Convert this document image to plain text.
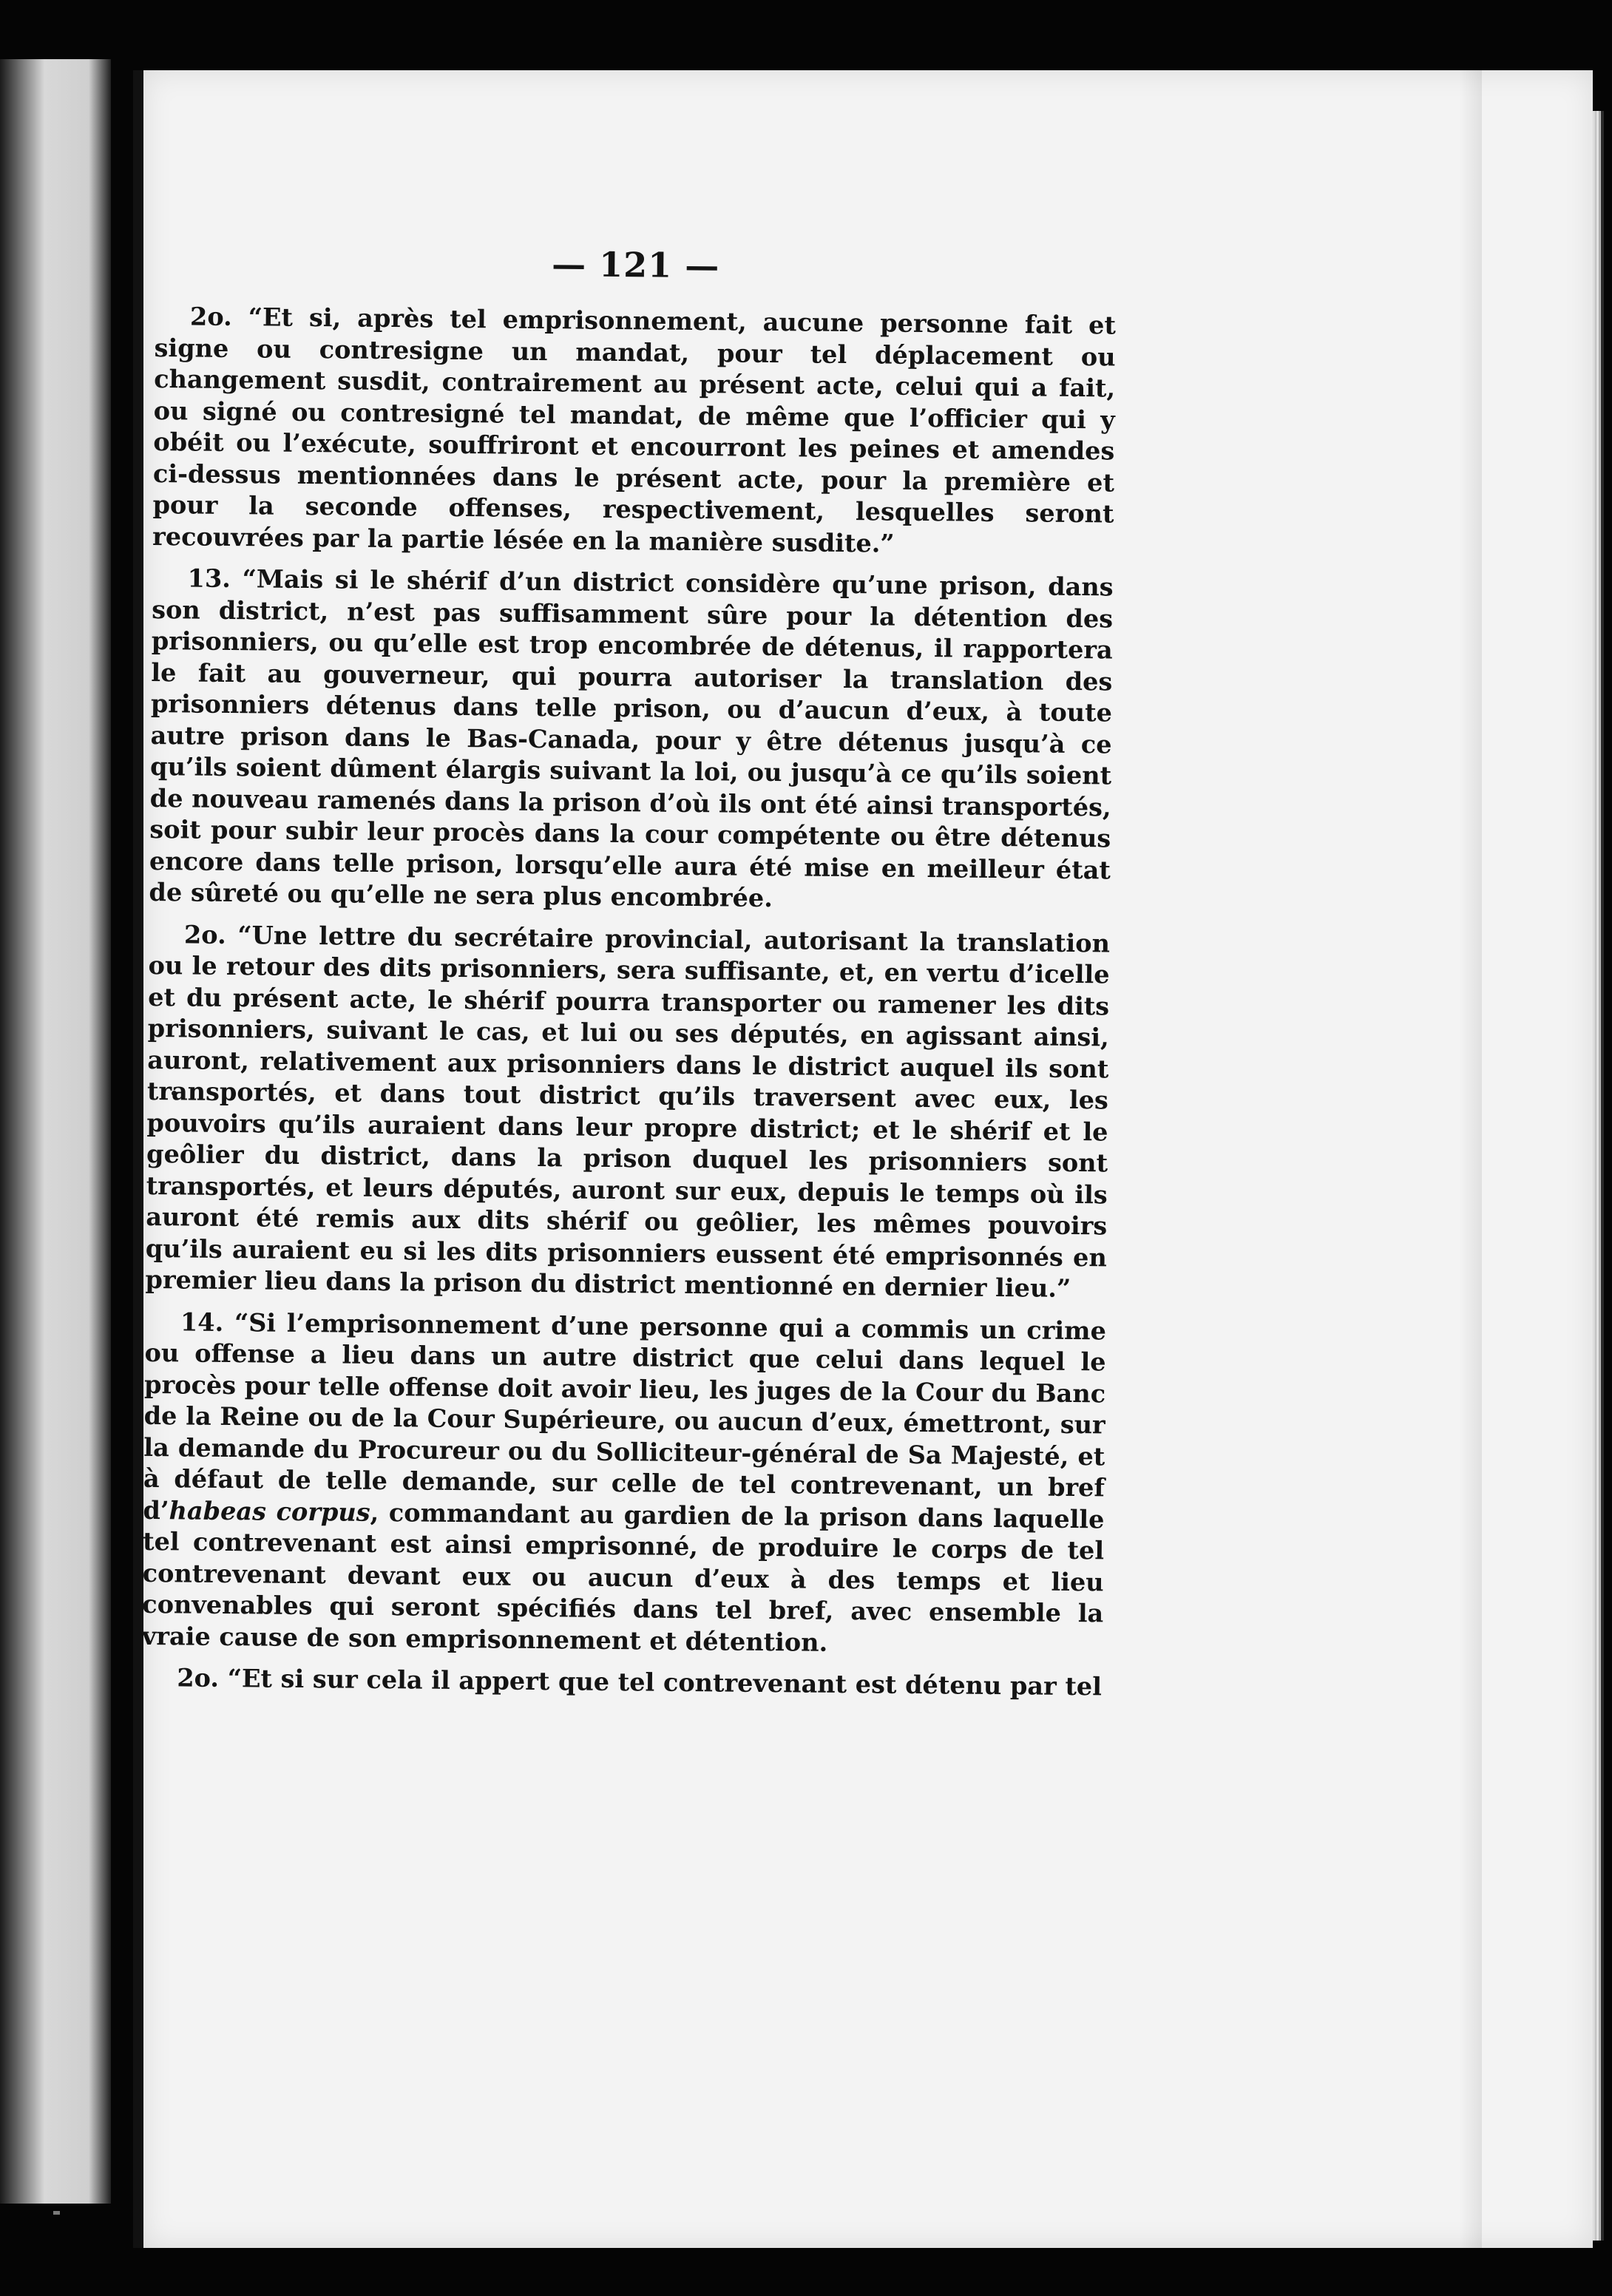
— 121 —

2o. “Et si, après tel emprisonnement, aucune personne fait et signe ou contresigne un mandat, pour tel déplacement ou changement susdit, contrairement au présent acte, celui qui a fait, ou signé ou contresigné tel mandat, de même que l’officier qui y obéit ou l’exécute, souffriront et encourront les peines et amendes ci-dessus mentionnées dans le présent acte, pour la première et pour la seconde offenses, respectivement, lesquelles seront recouvrées par la partie lésée en la manière susdite.”

13. “Mais si le shérif d’un district considère qu’une prison, dans son district, n’est pas suffisamment sûre pour la détention des prisonniers, ou qu’elle est trop encombrée de détenus, il rapportera le fait au gouverneur, qui pourra autoriser la translation des prisonniers détenus dans telle prison, ou d’aucun d’eux, à toute autre prison dans le Bas-Canada, pour y être détenus jusqu’à ce qu’ils soient dûment élargis suivant la loi, ou jusqu’à ce qu’ils soient de nouveau ramenés dans la prison d’où ils ont été ainsi transportés, soit pour subir leur procès dans la cour compétente ou être détenus encore dans telle prison, lorsqu’elle aura été mise en meilleur état de sûreté ou qu’elle ne sera plus encombrée.

2o. “Une lettre du secrétaire provincial, autorisant la translation ou le retour des dits prisonniers, sera suffisante, et, en vertu d’icelle et du présent acte, le shérif pourra transporter ou ramener les dits prisonniers, suivant le cas, et lui ou ses députés, en agissant ainsi, auront, relativement aux prisonniers dans le district auquel ils sont transportés, et dans tout district qu’ils traversent avec eux, les pouvoirs qu’ils auraient dans leur propre district; et le shérif et le geôlier du district, dans la prison duquel les prisonniers sont transportés, et leurs députés, auront sur eux, depuis le temps où ils auront été remis aux dits shérif ou geôlier, les mêmes pouvoirs qu’ils auraient eu si les dits prisonniers eussent été emprisonnés en premier lieu dans la prison du district mentionné en dernier lieu.”

14. “Si l’emprisonnement d’une personne qui a commis un crime ou offense a lieu dans un autre district que celui dans lequel le procès pour telle offense doit avoir lieu, les juges de la Cour du Banc de la Reine ou de la Cour Supérieure, ou aucun d’eux, émettront, sur la demande du Procureur ou du Solliciteur-général de Sa Majesté, et à défaut de telle demande, sur celle de tel contrevenant, un bref d’habeas corpus, commandant au gardien de la prison dans laquelle tel contrevenant est ainsi emprisonné, de produire le corps de tel contrevenant devant eux ou aucun d’eux à des temps et lieu convenables qui seront spécifiés dans tel bref, avec ensemble la vraie cause de son emprisonnement et détention.

2o. “Et si sur cela il appert que tel contrevenant est détenu par tel
